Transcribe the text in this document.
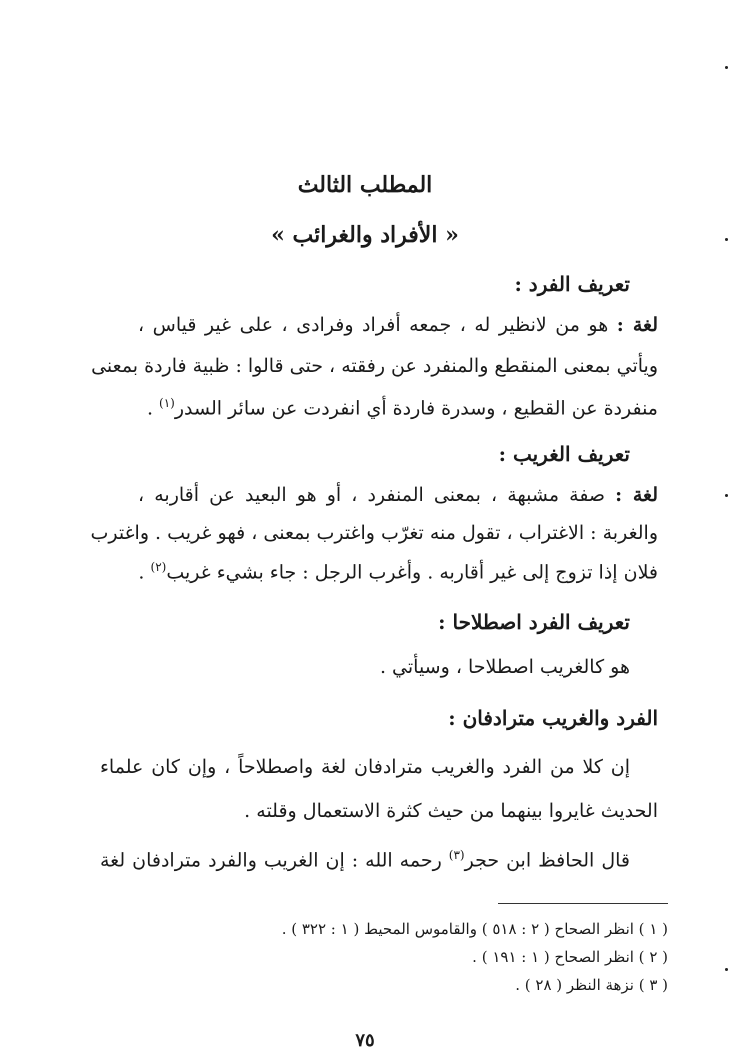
المطلب الثالث
« الأفراد والغرائب »
تعريف الفرد :
لغة : هو من لانظير له ، جمعه أفراد وفرادى ، على غير قياس ،
ويأتي بمعنى المنقطع والمنفرد عن رفقته ، حتى قالوا : ظبية فاردة بمعنى
منفردة عن القطيع ، وسدرة فاردة أي انفردت عن سائر السدر$^{(١)}$ .
تعريف الغريب :
لغة : صفة مشبهة ، بمعنى المنفرد ، أو هو البعيد عن أقاربه ،
والغربة : الاغتراب ، تقول منه تغرّب واغترب بمعنى ، فهو غريب . واغترب
فلان إذا تزوج إلى غير أقاربه . وأغرب الرجل : جاء بشيء غريب$^{(٢)}$ .
تعريف الفرد اصطلاحا :
هو كالغريب اصطلاحا ، وسيأتي .
الفرد والغريب مترادفان :
إن كلا من الفرد والغريب مترادفان لغة واصطلاحاً ، وإن كان علماء
الحديث غايروا بينهما من حيث كثرة الاستعمال وقلته .
قال الحافظ ابن حجر$^{(٣)}$ رحمه الله : إن الغريب والفرد مترادفان لغة
( ١ ) انظر الصحاح ( ٢ : ٥١٨ ) والقاموس المحيط ( ١ : ٣٢٢ ) .
( ٢ ) انظر الصحاح ( ١ : ١٩١ ) .
( ٣ ) نزهة النظر ( ٢٨ ) .
٧٥
